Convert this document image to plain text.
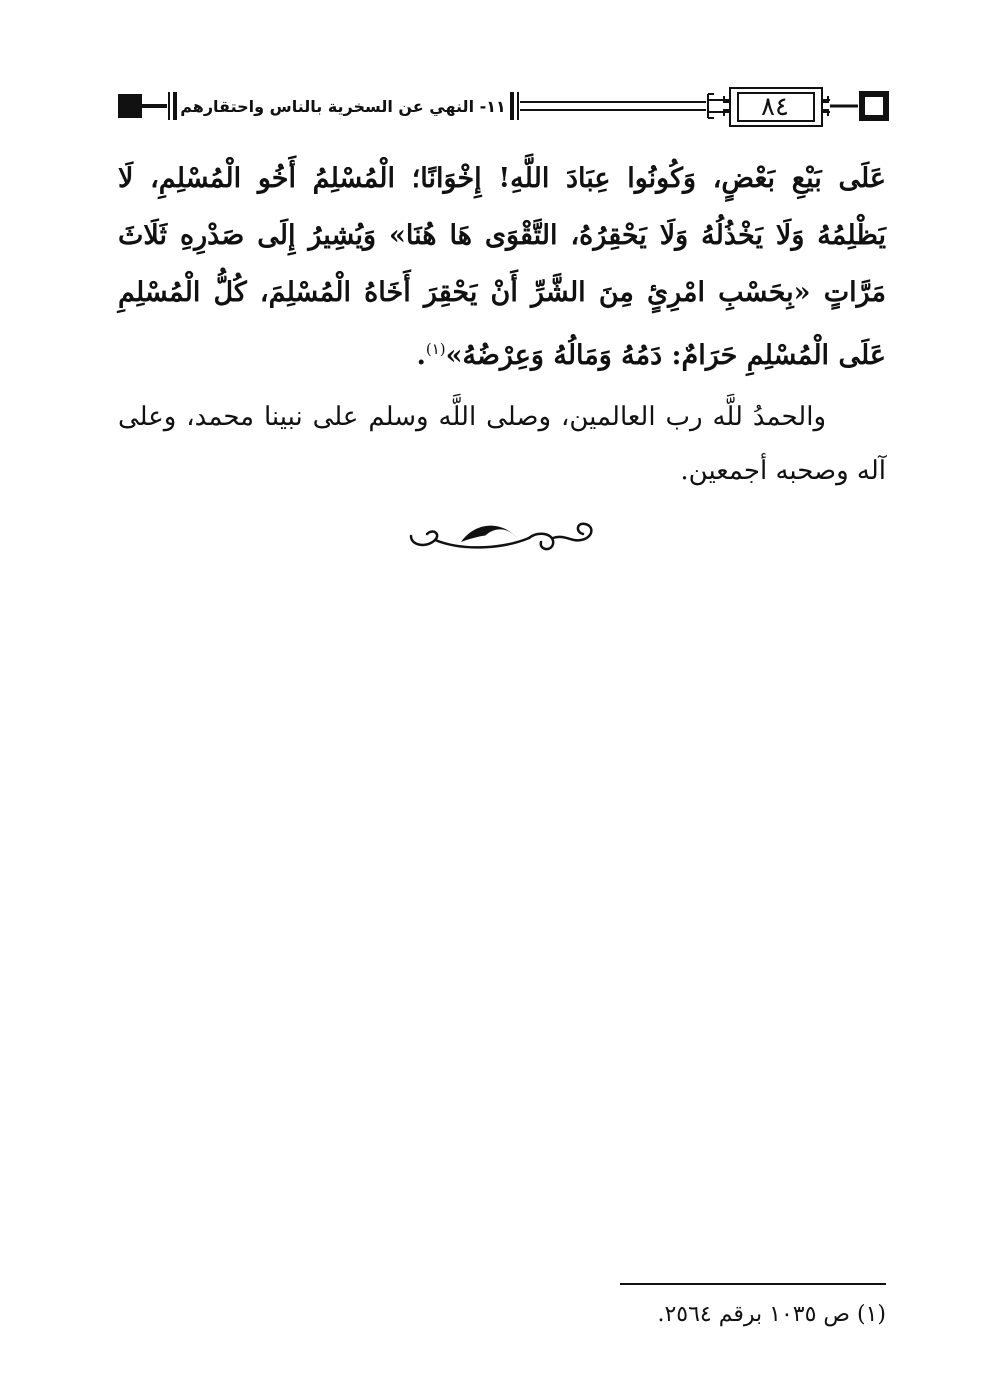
٨٤
١١- النهي عن السخرية بالناس واحتقارهم

عَلَى بَيْعِ بَعْضٍ، وَكُونُوا عِبَادَ اللَّهِ! إِخْوَانًا؛ الْمُسْلِمُ أَخُو الْمُسْلِمِ، لَا يَظْلِمُهُ وَلَا يَخْذُلُهُ وَلَا يَحْقِرُهُ، التَّقْوَى هَا هُنَا» وَيُشِيرُ إِلَى صَدْرِهِ ثَلَاثَ مَرَّاتٍ «بِحَسْبِ امْرِئٍ مِنَ الشَّرِّ أَنْ يَحْقِرَ أَخَاهُ الْمُسْلِمَ، كُلُّ الْمُسْلِمِ عَلَى الْمُسْلِمِ حَرَامٌ: دَمُهُ وَمَالُهُ وَعِرْضُهُ»$^{(١)}$.

والحمدُ للَّه رب العالمين، وصلى اللَّه وسلم على نبينا محمد، وعلى آله وصحبه أجمعين.

(١) ص ١٠٣٥ برقم ٢٥٦٤.
